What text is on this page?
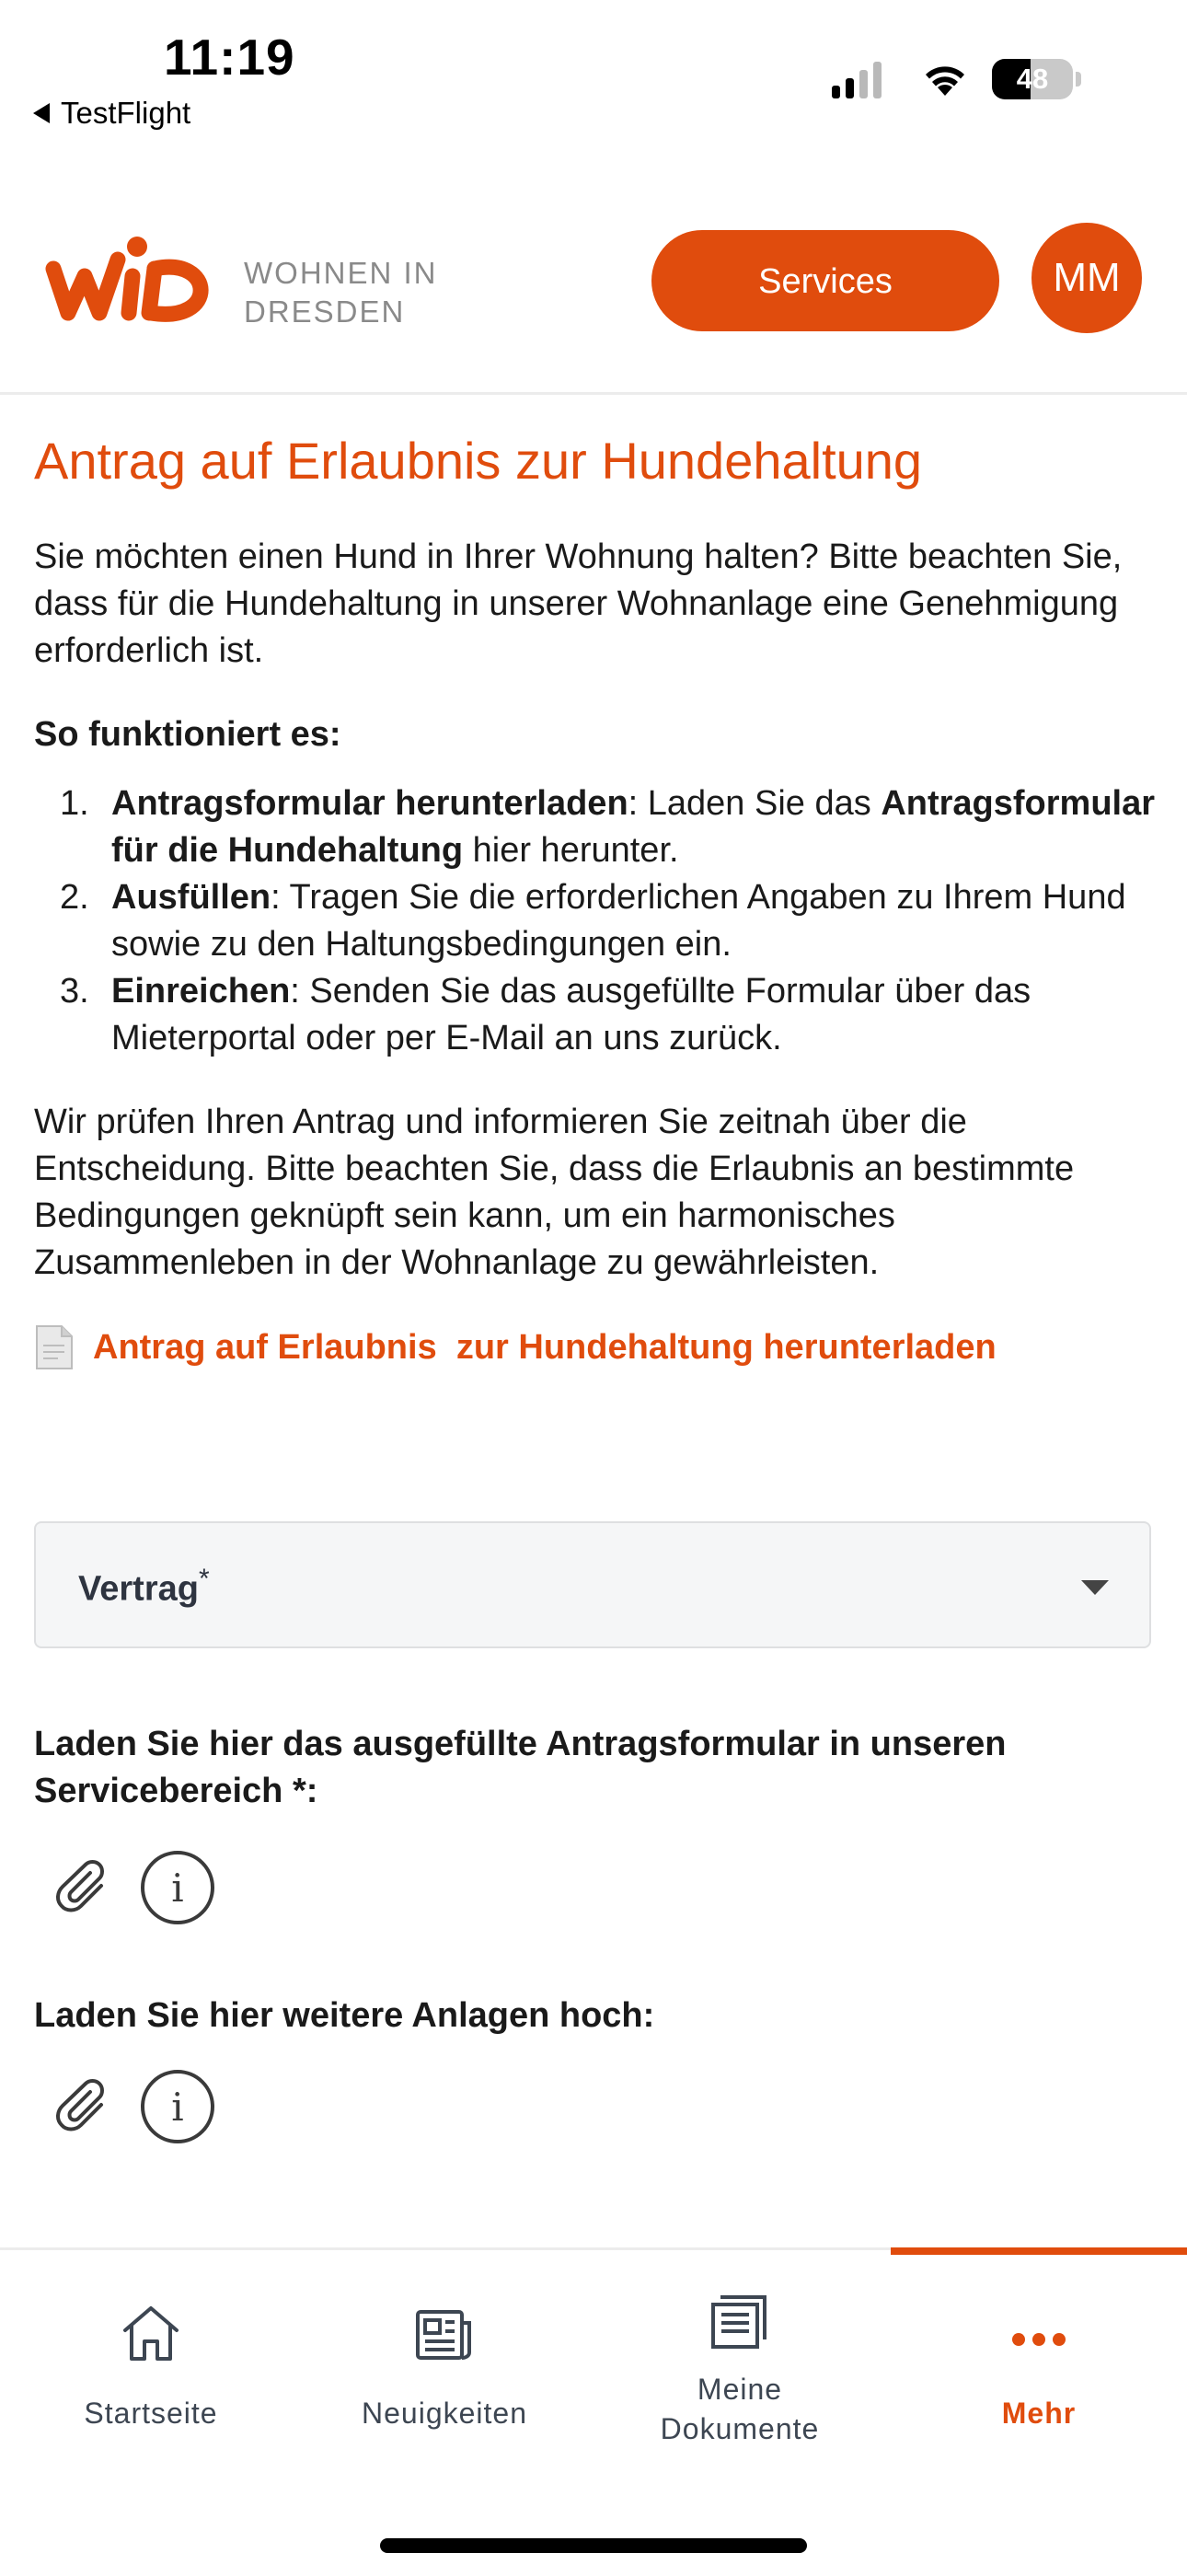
11:19
TestFlight
48
WOHNEN IN
DRESDEN
Services	MM
Antrag auf Erlaubnis zur Hundehaltung

Sie möchten einen Hund in Ihrer Wohnung halten? Bitte beachten Sie, dass für die Hundehaltung in unserer Wohnanlage eine Genehmigung erforderlich ist.

So funktioniert es:

1. Antragsformular herunterladen: Laden Sie das Antragsformular für die Hundehaltung hier herunter.
2. Ausfüllen: Tragen Sie die erforderlichen Angaben zu Ihrem Hund sowie zu den Haltungsbedingungen ein.
3. Einreichen: Senden Sie das ausgefüllte Formular über das Mieterportal oder per E-Mail an uns zurück.

Wir prüfen Ihren Antrag und informieren Sie zeitnah über die Entscheidung. Bitte beachten Sie, dass die Erlaubnis an bestimmte Bedingungen geknüpft sein kann, um ein harmonisches Zusammenleben in der Wohnanlage zu gewährleisten.

Antrag auf Erlaubnis  zur Hundehaltung herunterladen
Vertrag*

Laden Sie hier das ausgefüllte Antragsformular in unseren Servicebereich *:

i

Laden Sie hier weitere Anlagen hoch:

i
Startseite	Neuigkeiten
Meine Dokumente	Mehr
